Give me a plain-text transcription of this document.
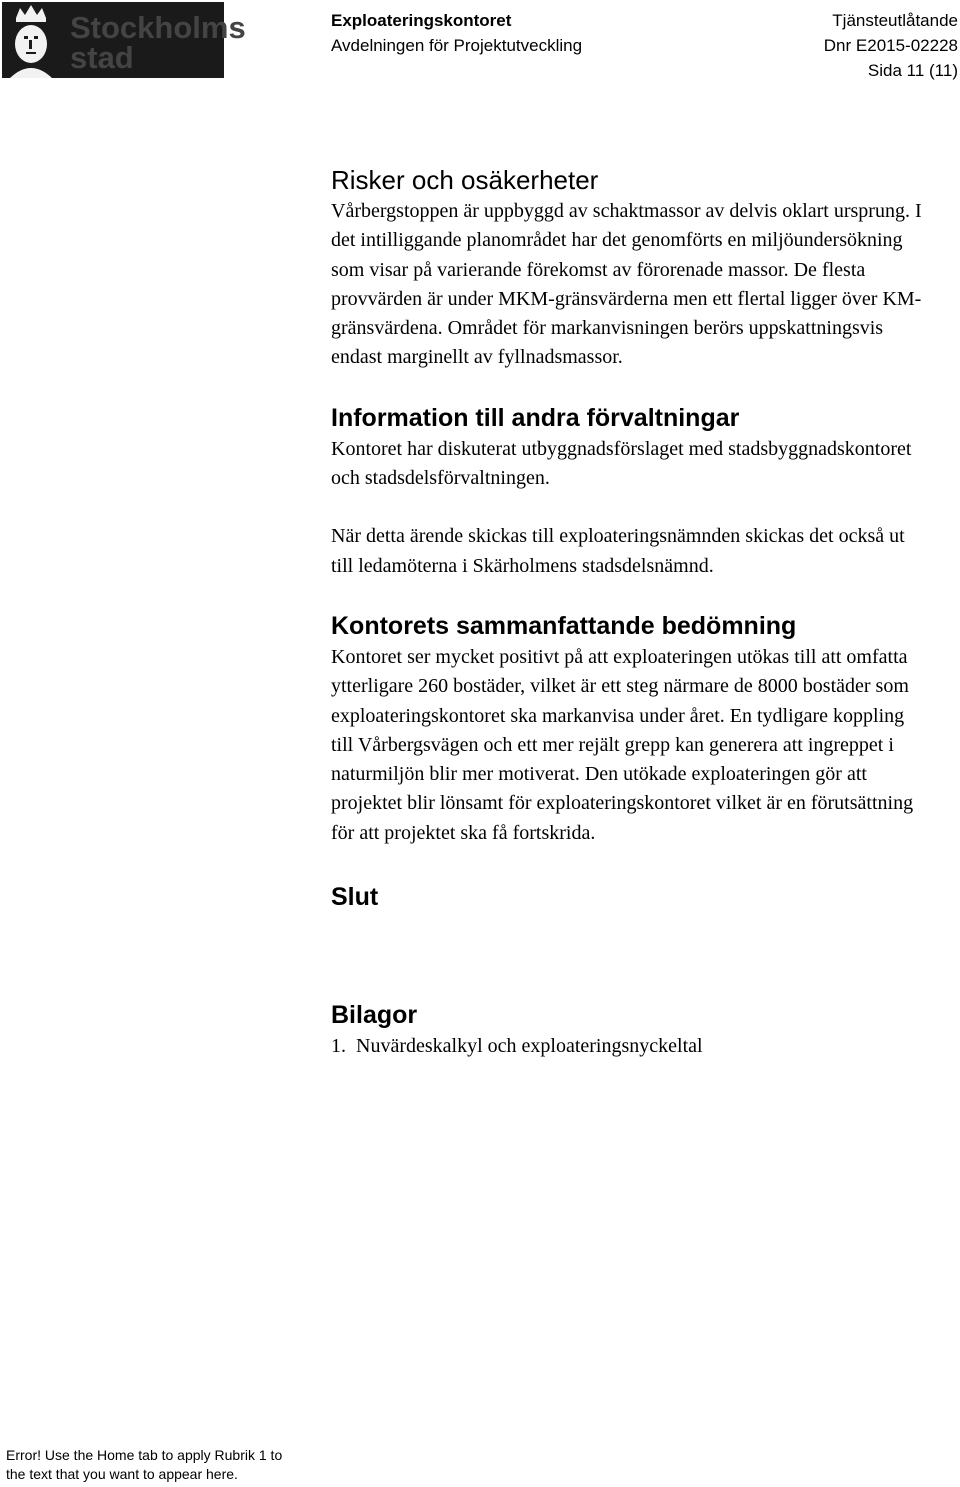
Stockholms
stad
Exploateringskontoret
Avdelningen för Projektutveckling
Tjänsteutlåtande
Dnr E2015-02228
Sida 11 (11)
Risker och osäkerheter

Vårbergstoppen är uppbyggd av schaktmassor av delvis oklart ursprung. I det intilliggande planområdet har det genomförts en miljöundersökning som visar på varierande förekomst av förorenade massor. De flesta provvärden är under MKM-gränsvärderna men ett flertal ligger över KM-gränsvärdena. Området för markanvisningen berörs uppskattningsvis endast marginellt av fyllnadsmassor.

Information till andra förvaltningar

Kontoret har diskuterat utbyggnadsförslaget med stadsbyggnadskontoret och stadsdelsförvaltningen.

När detta ärende skickas till exploateringsnämnden skickas det också ut till ledamöterna i Skärholmens stadsdelsnämnd.

Kontorets sammanfattande bedömning

Kontoret ser mycket positivt på att exploateringen utökas till att omfatta ytterligare 260 bostäder, vilket är ett steg närmare de 8000 bostäder som exploateringskontoret ska markanvisa under året. En tydligare koppling till Vårbergsvägen och ett mer rejält grepp kan generera att ingreppet i naturmiljön blir mer motiverat. Den utökade exploateringen gör att projektet blir lönsamt för exploateringskontoret vilket är en förutsättning för att projektet ska få fortskrida.

Slut
Bilagor

1.  Nuvärdeskalkyl och exploateringsnyckeltal

Error! Use the Home tab to apply Rubrik 1 to
the text that you want to appear here.
